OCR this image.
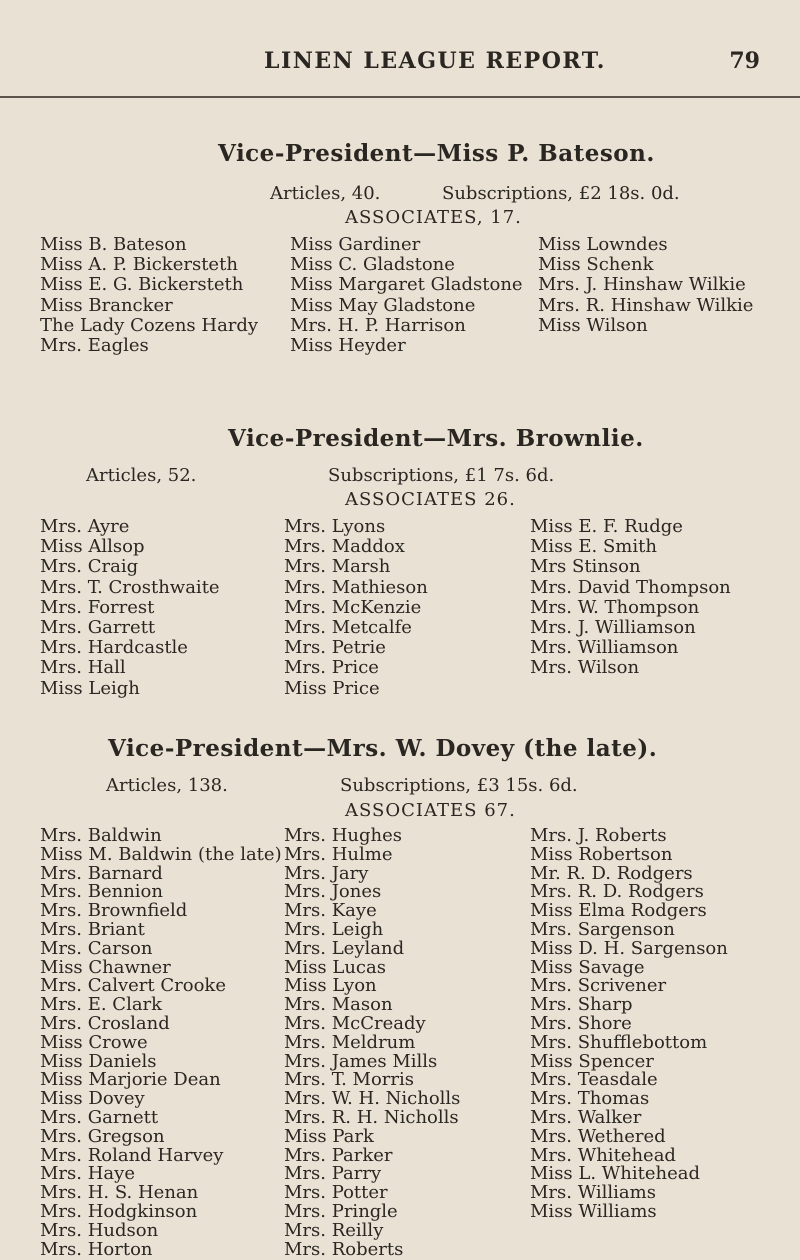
LINEN LEAGUE REPORT.	79
Vice-President—Miss P. Bateson.
Articles, 40.	Subscriptions, £2 18s. 0d.
ASSOCIATES, 17.
Miss B. Bateson
Miss A. P. Bickersteth
Miss E. G. Bickersteth
Miss Brancker
The Lady Cozens Hardy
Mrs. Eagles
Miss Gardiner
Miss C. Gladstone
Miss Margaret Gladstone
Miss May Gladstone
Mrs. H. P. Harrison
Miss Heyder
Miss Lowndes
Miss Schenk
Mrs. J. Hinshaw Wilkie
Mrs. R. Hinshaw Wilkie
Miss Wilson
Vice-President—Mrs. Brownlie.
Articles, 52.	Subscriptions, £1 7s. 6d.
ASSOCIATES 26.
Mrs. Ayre
Miss Allsop
Mrs. Craig
Mrs. T. Crosthwaite
Mrs. Forrest
Mrs. Garrett
Mrs. Hardcastle
Mrs. Hall
Miss Leigh
Mrs. Lyons
Mrs. Maddox
Mrs. Marsh
Mrs. Mathieson
Mrs. McKenzie
Mrs. Metcalfe
Mrs. Petrie
Mrs. Price
Miss Price
Miss E. F. Rudge
Miss E. Smith
Mrs Stinson
Mrs. David Thompson
Mrs. W. Thompson
Mrs. J. Williamson
Mrs. Williamson
Mrs. Wilson
Vice-President—Mrs. W. Dovey (the late).
Articles, 138.	Subscriptions, £3 15s. 6d.
ASSOCIATES 67.
Mrs. Baldwin
Miss M. Baldwin (the late)
Mrs. Barnard
Mrs. Bennion
Mrs. Brownfield
Mrs. Briant
Mrs. Carson
Miss Chawner
Mrs. Calvert Crooke
Mrs. E. Clark
Mrs. Crosland
Miss Crowe
Miss Daniels
Miss Marjorie Dean
Miss Dovey
Mrs. Garnett
Mrs. Gregson
Mrs. Roland Harvey
Mrs. Haye
Mrs. H. S. Henan
Mrs. Hodgkinson
Mrs. Hudson
Mrs. Horton
Mrs. Hughes
Mrs. Hulme
Mrs. Jary
Mrs. Jones
Mrs. Kaye
Mrs. Leigh
Mrs. Leyland
Miss Lucas
Miss Lyon
Mrs. Mason
Mrs. McCready
Mrs. Meldrum
Mrs. James Mills
Mrs. T. Morris
Mrs. W. H. Nicholls
Mrs. R. H. Nicholls
Miss Park
Mrs. Parker
Mrs. Parry
Mrs. Potter
Mrs. Pringle
Mrs. Reilly
Mrs. Roberts
Mrs. J. Roberts
Miss Robertson
Mr. R. D. Rodgers
Mrs. R. D. Rodgers
Miss Elma Rodgers
Mrs. Sargenson
Miss D. H. Sargenson
Miss Savage
Mrs. Scrivener
Mrs. Sharp
Mrs. Shore
Mrs. Shufflebottom
Miss Spencer
Mrs. Teasdale
Mrs. Thomas
Mrs. Walker
Mrs. Wethered
Mrs. Whitehead
Miss L. Whitehead
Mrs. Williams
Miss Williams
